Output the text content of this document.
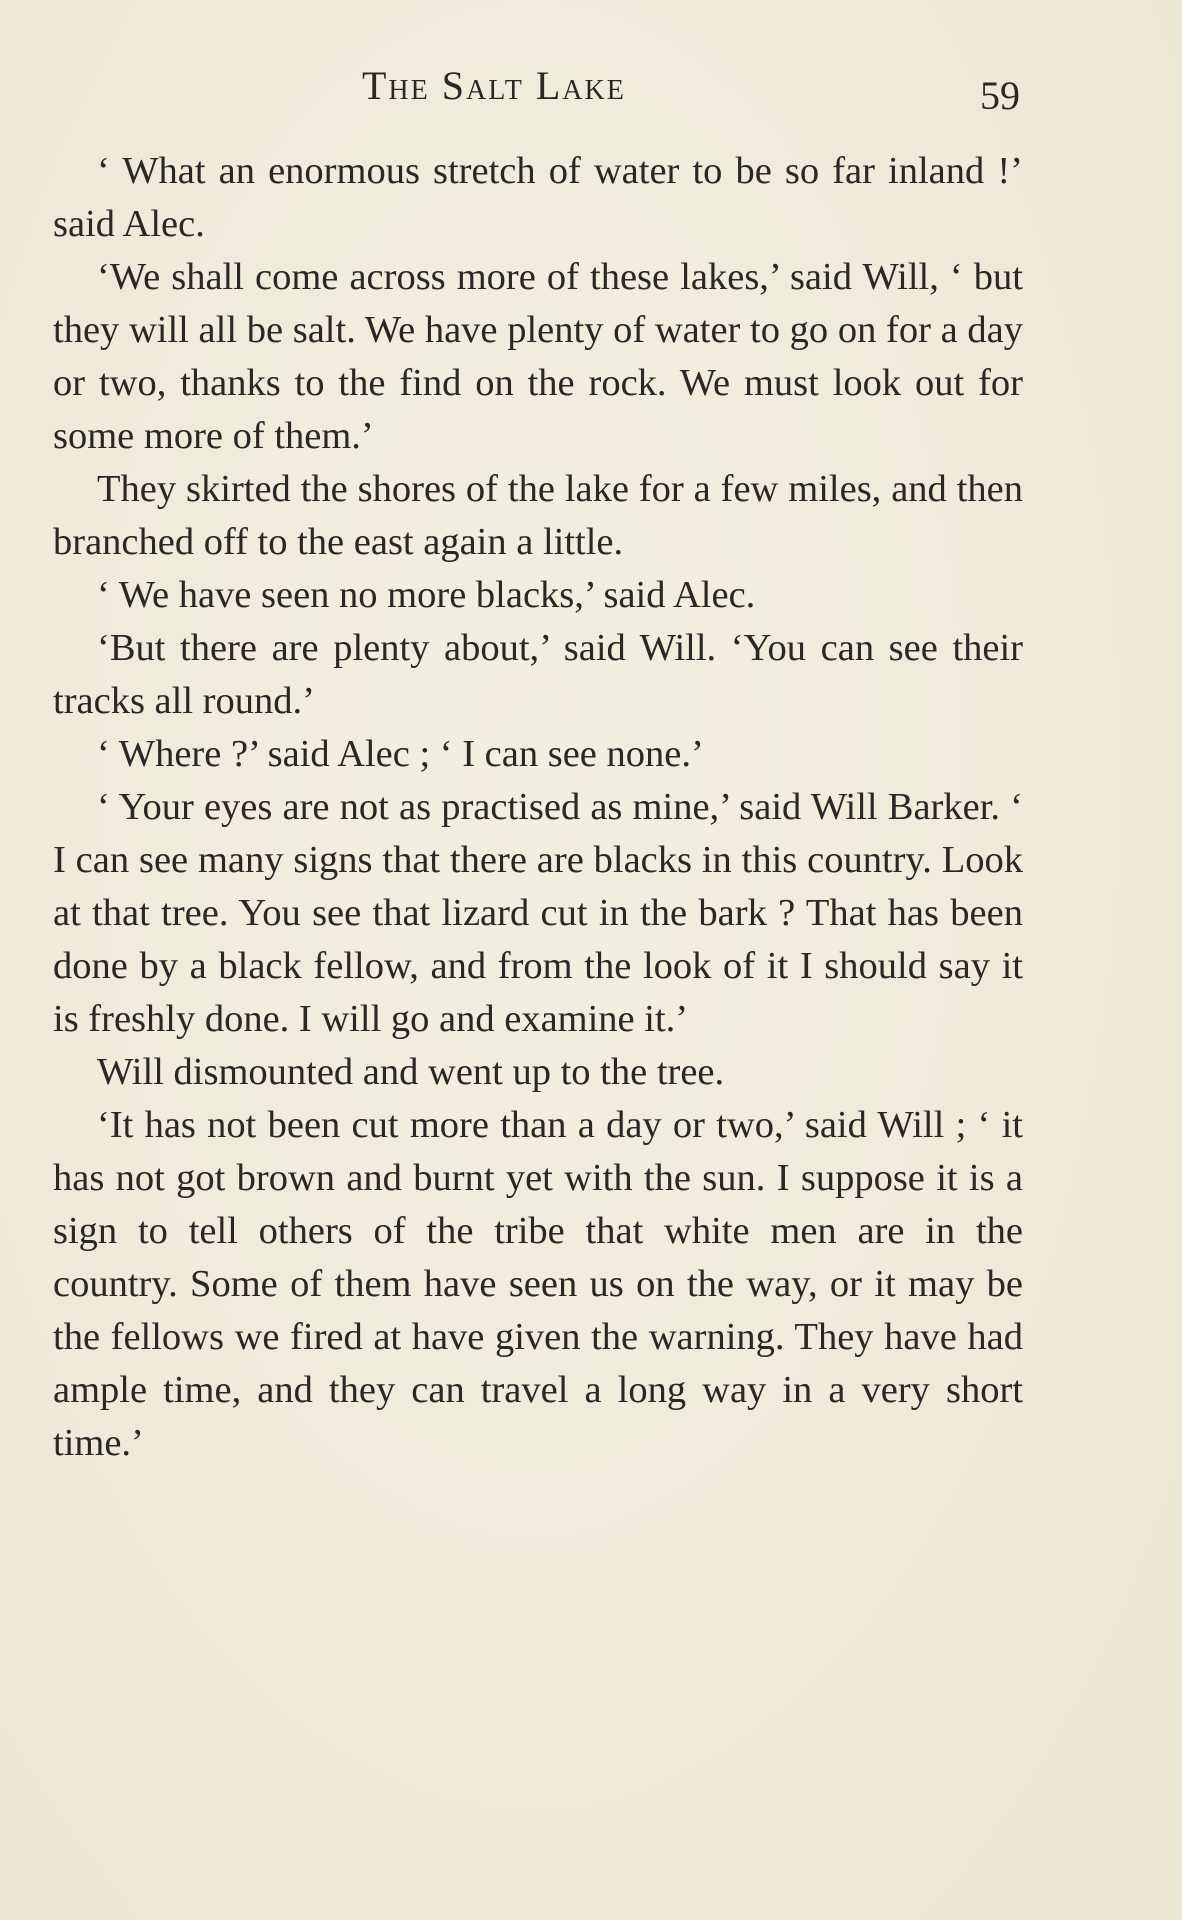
The Salt Lake	59

‘ What an enormous stretch of water to be so far inland !’ said Alec.

‘We shall come across more of these lakes,’ said Will, ‘ but they will all be salt. We have plenty of water to go on for a day or two, thanks to the find on the rock. We must look out for some more of them.’

They skirted the shores of the lake for a few miles, and then branched off to the east again a little.

‘ We have seen no more blacks,’ said Alec.

‘But there are plenty about,’ said Will. ‘You can see their tracks all round.’

‘ Where ?’ said Alec ; ‘ I can see none.’

‘ Your eyes are not as practised as mine,’ said Will Barker. ‘ I can see many signs that there are blacks in this country. Look at that tree. You see that lizard cut in the bark ? That has been done by a black fellow, and from the look of it I should say it is freshly done. I will go and examine it.’

Will dismounted and went up to the tree.

‘It has not been cut more than a day or two,’ said Will ; ‘ it has not got brown and burnt yet with the sun. I suppose it is a sign to tell others of the tribe that white men are in the country. Some of them have seen us on the way, or it may be the fellows we fired at have given the warning. They have had ample time, and they can travel a long way in a very short time.’
